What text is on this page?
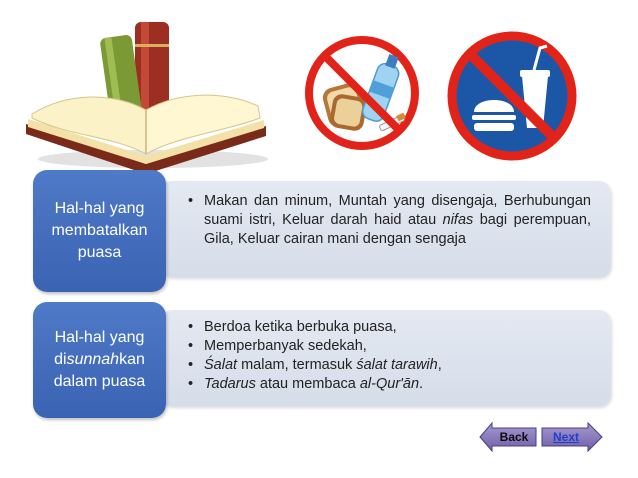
• Makan dan minum, Muntah yang disengaja, Berhubungan suami istri, Keluar darah haid atau nifas bagi perempuan, Gila, Keluar cairan mani dengan sengaja
Hal-hal yang
membatalkan
puasa
• Berdoa ketika berbuka puasa,
• Memperbanyak sedekah,
• Śalat malam, termasuk śalat tarawih,
• Tadarus atau membaca al-Qur'ān.
Hal-hal yang
disunnahkan
dalam puasa
Back	Next
